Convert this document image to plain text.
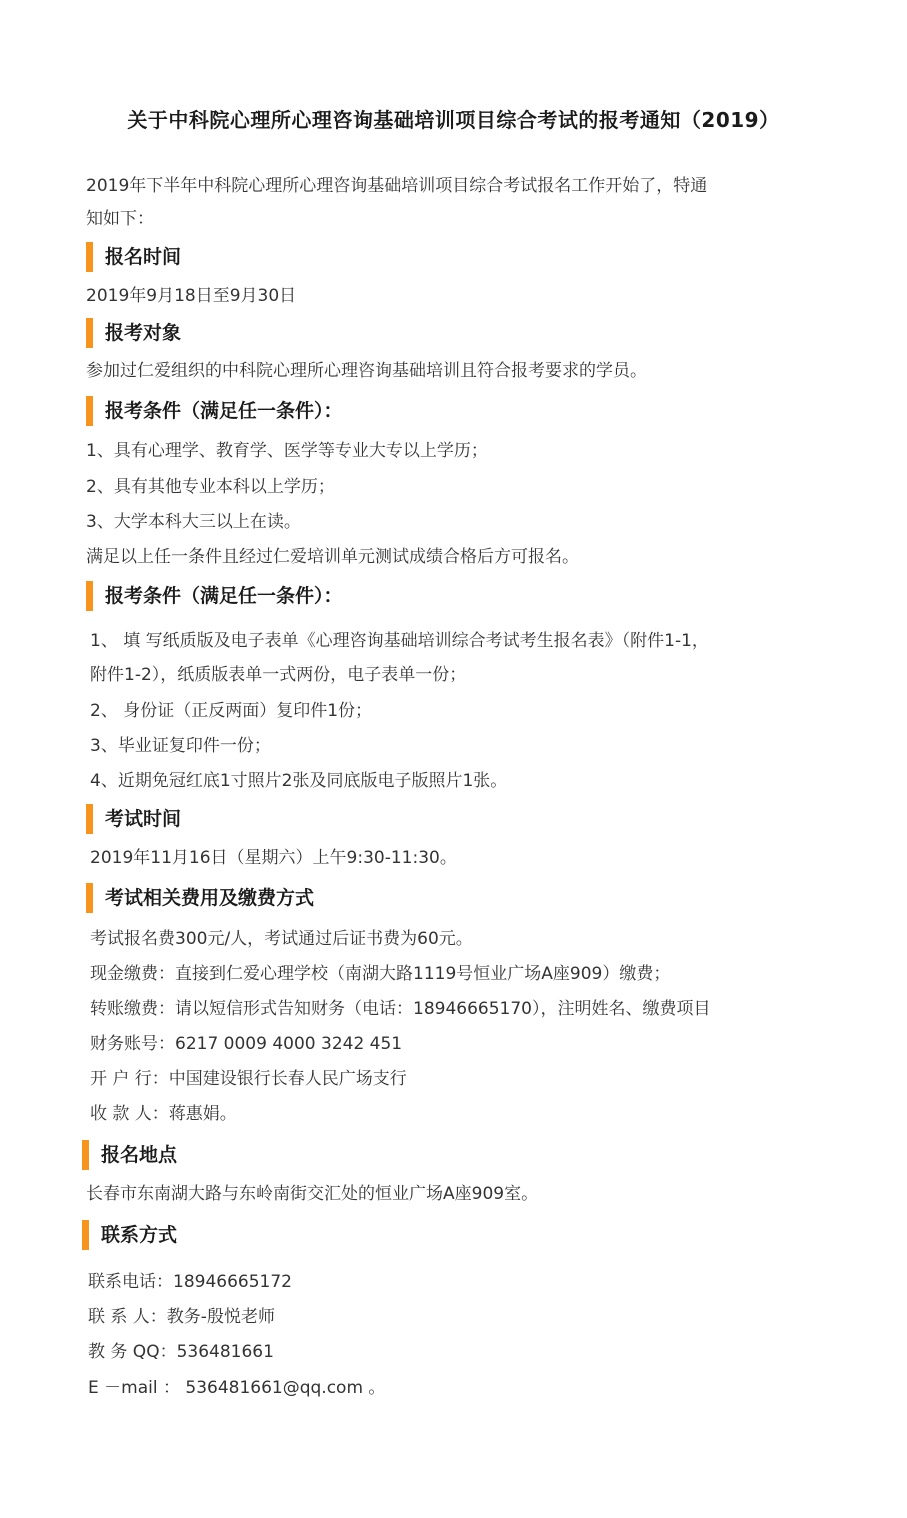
关于中科院心理所心理咨询基础培训项目综合考试的报考通知（2019）
2019年下半年中科院心理所心理咨询基础培训项目综合考试报名工作开始了，特通
知如下：
报名时间
2019年9月18日至9月30日
报考对象
参加过仁爱组织的中科院心理所心理咨询基础培训且符合报考要求的学员。
报考条件（满足任一条件）：
1、具有心理学、教育学、医学等专业大专以上学历；
2、具有其他专业本科以上学历；
3、大学本科大三以上在读。
满足以上任一条件且经过仁爱培训单元测试成绩合格后方可报名。
报考条件（满足任一条件）：
1、 填 写纸质版及电子表单《心理咨询基础培训综合考试考生报名表》（附件1-1，
附件1-2），纸质版表单一式两份，电子表单一份；
2、 身份证（正反两面）复印件1份；
3、毕业证复印件一份；
4、近期免冠红底1寸照片2张及同底版电子版照片1张。
考试时间
2019年11月16日（星期六）上午9:30-11:30。
考试相关费用及缴费方式
考试报名费300元/人，考试通过后证书费为60元。
现金缴费：直接到仁爱心理学校（南湖大路1119号恒业广场A座909）缴费；
转账缴费：请以短信形式告知财务（电话：18946665170），注明姓名、缴费项目
财务账号：6217 0009 4000 3242 451
开 户 行：中国建设银行长春人民广场支行
收 款 人：蒋惠娟。
报名地点
长春市东南湖大路与东岭南街交汇处的恒业广场A座909室。
联系方式
联系电话：18946665172
联 系 人：教务-殷悦老师
教 务 QQ：536481661
E －mail ： 536481661@qq.com 。
